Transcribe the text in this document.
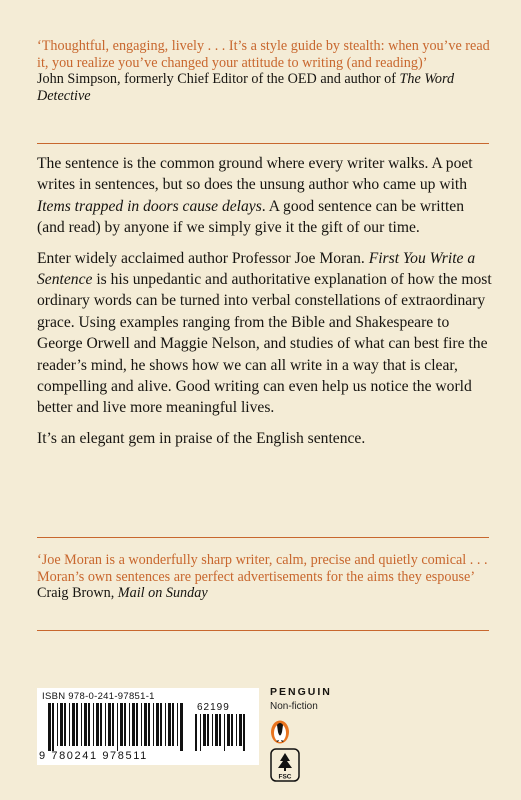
‘Thoughtful, engaging, lively . . . It’s a style guide by stealth: when you’ve read it, you realize you’ve changed your attitude to writing (and reading)’

John Simpson, formerly Chief Editor of the OED and author of The Word Detective

The sentence is the common ground where every writer walks. A poet writes in sentences, but so does the unsung author who came up with Items trapped in doors cause delays. A good sentence can be written (and read) by anyone if we simply give it the gift of our time.

Enter widely acclaimed author Professor Joe Moran. First You Write a Sentence is his unpedantic and authoritative explanation of how the most ordinary words can be turned into verbal constellations of extraordinary grace. Using examples ranging from the Bible and Shakespeare to George Orwell and Maggie Nelson, and studies of what can best fire the reader’s mind, he shows how we can all write in a way that is clear, compelling and alive. Good writing can even help us notice the world better and live more meaningful lives.

It’s an elegant gem in praise of the English sentence.

‘Joe Moran is a wonderfully sharp writer, calm, precise and quietly comical . . . Moran’s own sentences are perfect advertisements for the aims they espouse’

Craig Brown, Mail on Sunday

ISBN 978-0-241-97851-1
62199
9 780241 978511
PENGUIN
Non-fiction
FSC
